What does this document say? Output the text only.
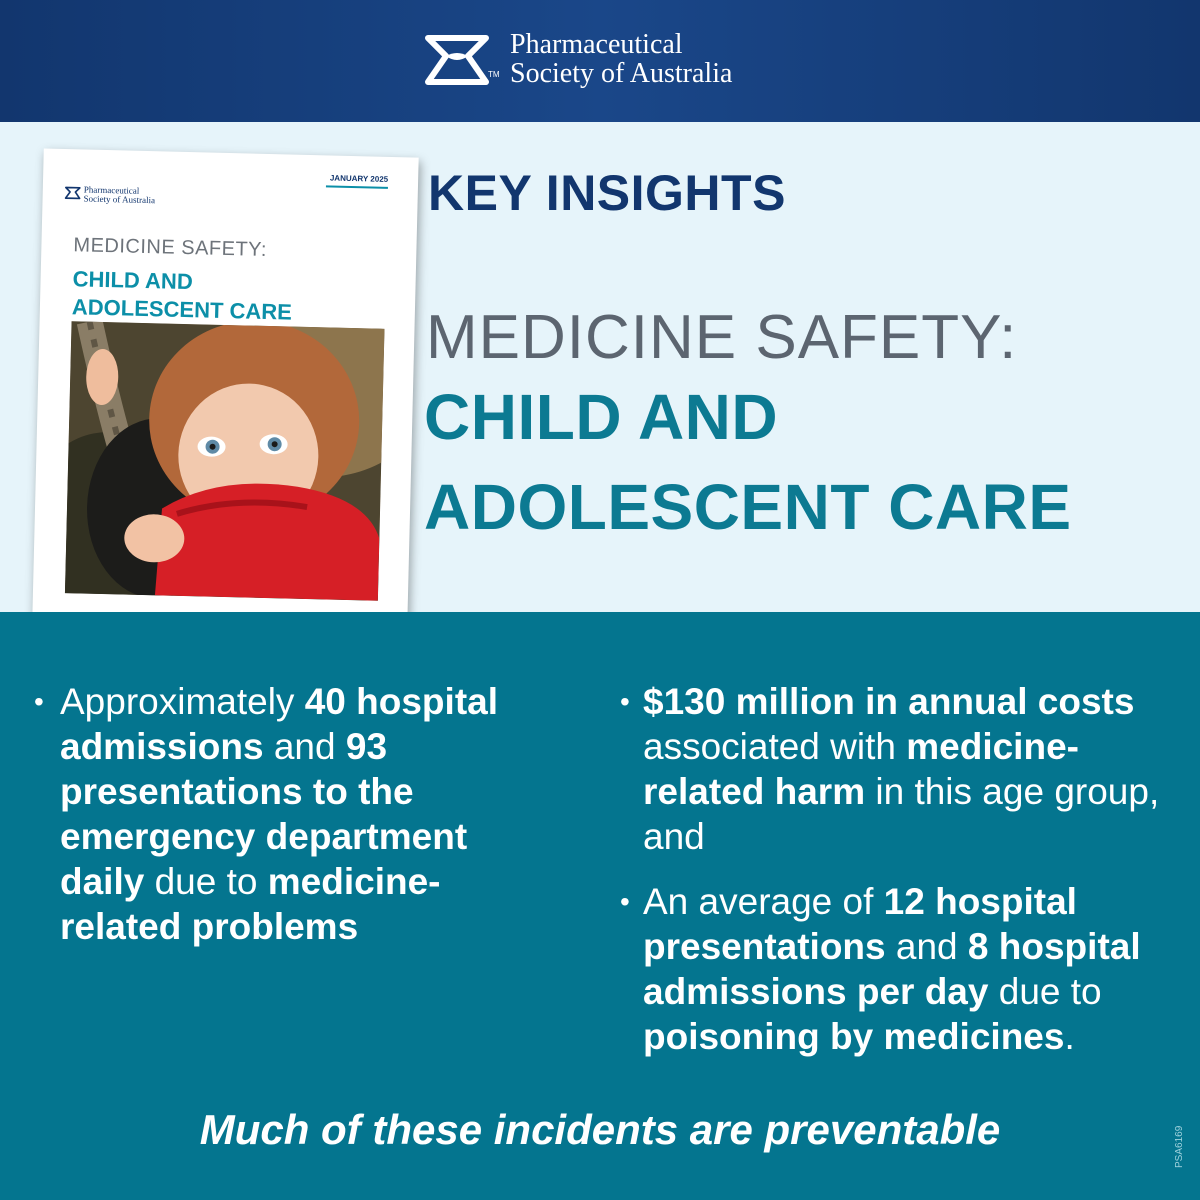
TM
Pharmaceutical
Society of Australia
KEY INSIGHTS
MEDICINE SAFETY:
CHILD AND
ADOLESCENT CARE
Pharmaceutical
Society of Australia
JANUARY 2025
MEDICINE SAFETY:
CHILD AND
ADOLESCENT CARE
• Approximately 40 hospital admissions and 93 presentations to the emergency department daily due to medicine-related problems
• $130 million in annual costs associated with medicine-related harm in this age group, and
• An average of 12 hospital presentations and 8 hospital admissions per day due to poisoning by medicines.
Much of these incidents are preventable	PSA6169
